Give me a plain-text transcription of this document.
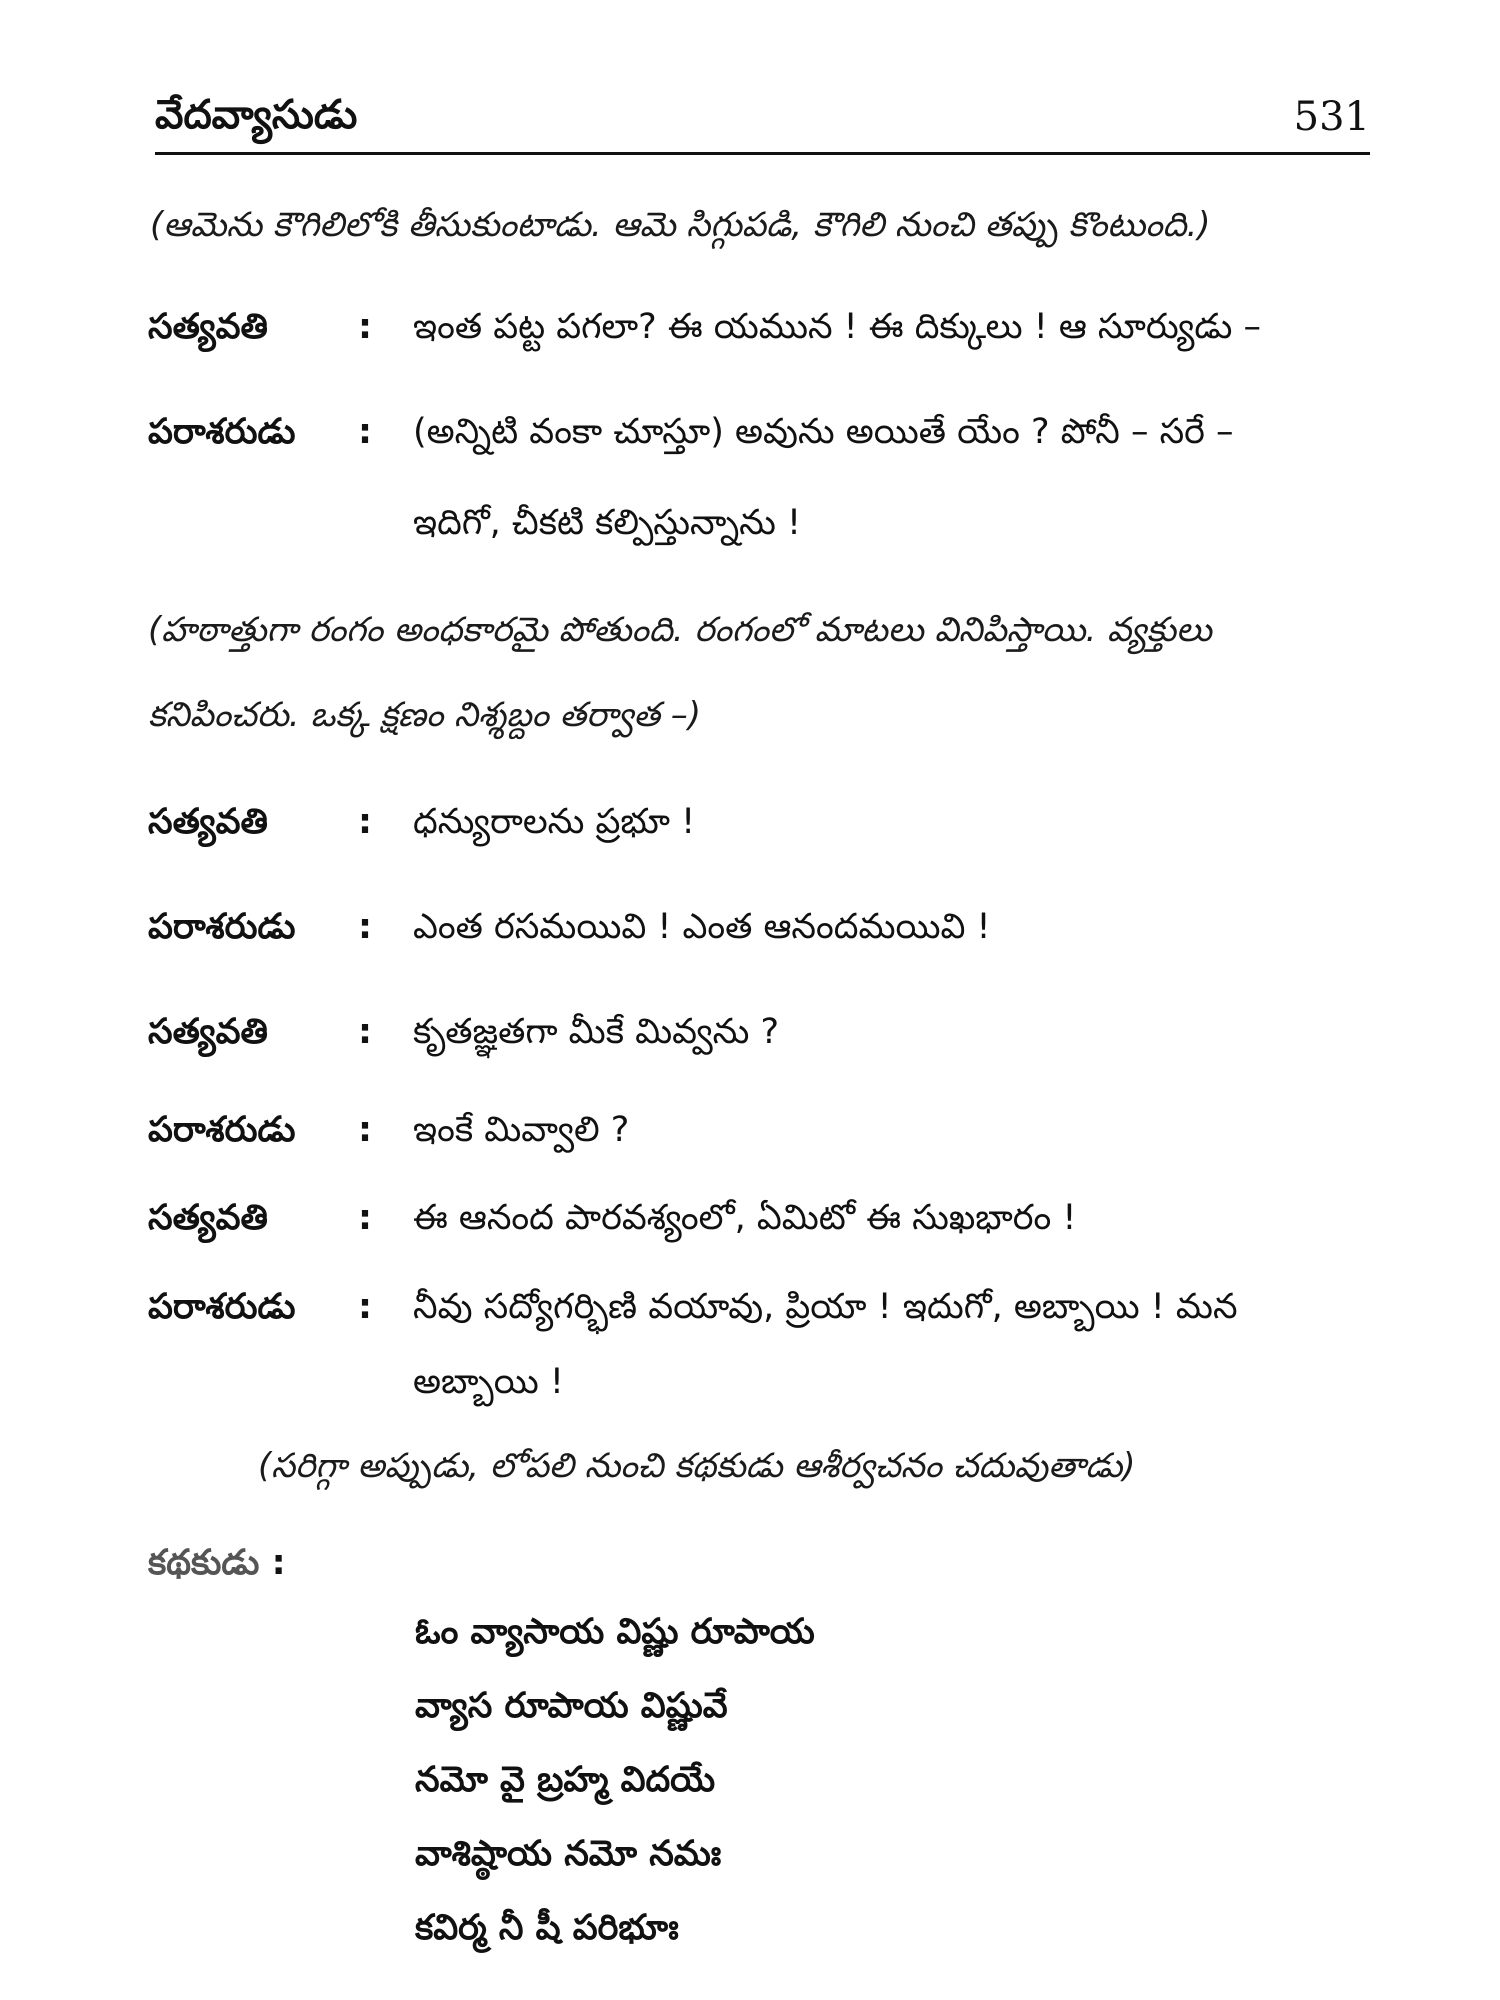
వేదవ్యాసుడు	531
(ఆమెను కౌగిలిలోకి తీసుకుంటాడు. ఆమె సిగ్గుపడి, కౌగిలి నుంచి తప్పు కొంటుంది.)
సత్యవతి	: ఇంత పట్ట పగలా? ఈ యమున ! ఈ దిక్కులు ! ఆ సూర్యుడు –
పరాశరుడు : (అన్నిటి వంకా చూస్తూ) అవును అయితే యేం ? పోనీ – సరే –
ఇదిగో, చీకటి కల్పిస్తున్నాను !
(హఠాత్తుగా రంగం అంధకారమై పోతుంది. రంగంలో మాటలు వినిపిస్తాయి. వ్యక్తులు
కనిపించరు. ఒక్క క్షణం నిశ్శబ్దం తర్వాత –)
సత్యవతి	: ధన్యురాలను ప్రభూ !
పరాశరుడు : ఎంత రసమయివి ! ఎంత ఆనందమయివి !
సత్యవతి	: కృతజ్ఞతగా మీకే మివ్వను ?
పరాశరుడు : ఇంకే మివ్వాలి ?
సత్యవతి	: ఈ ఆనంద పారవశ్యంలో, ఏమిటో ఈ సుఖభారం !
పరాశరుడు : నీవు సద్యోగర్భిణి వయావు, ప్రియా ! ఇదుగో, అబ్బాయి ! మన
అబ్బాయి !
(సరిగ్గా అప్పుడు, లోపలి నుంచి కథకుడు ఆశీర్వచనం చదువుతాడు)
కథకుడు :
ఓం వ్యాసాయ విష్ణు రూపాయ
వ్యాస రూపాయ విష్ణువే
నమో వై బ్రహ్మ విదయే
వాశిష్ఠాయ నమో నమః
కవిర్మ నీ షీ పరిభూః
